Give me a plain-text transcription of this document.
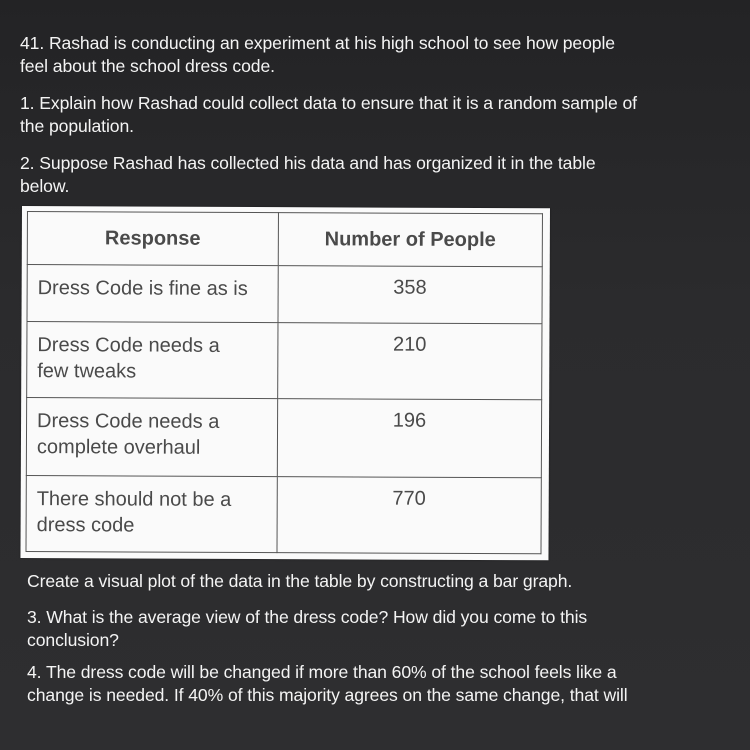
41. Rashad is conducting an experiment at his high school to see how people
feel about the school dress code.
1. Explain how Rashad could collect data to ensure that it is a random sample of
the population.
2. Suppose Rashad has collected his data and has organized it in the table
below.
Response	Number of People
Dress Code is fine as is	358
Dress Code needs a
few tweaks	210
Dress Code needs a
complete overhaul	196
There should not be a
dress code	770
Create a visual plot of the data in the table by constructing a bar graph.
3. What is the average view of the dress code? How did you come to this
conclusion?
4. The dress code will be changed if more than 60% of the school feels like a
change is needed. If 40% of this majority agrees on the same change, that will
